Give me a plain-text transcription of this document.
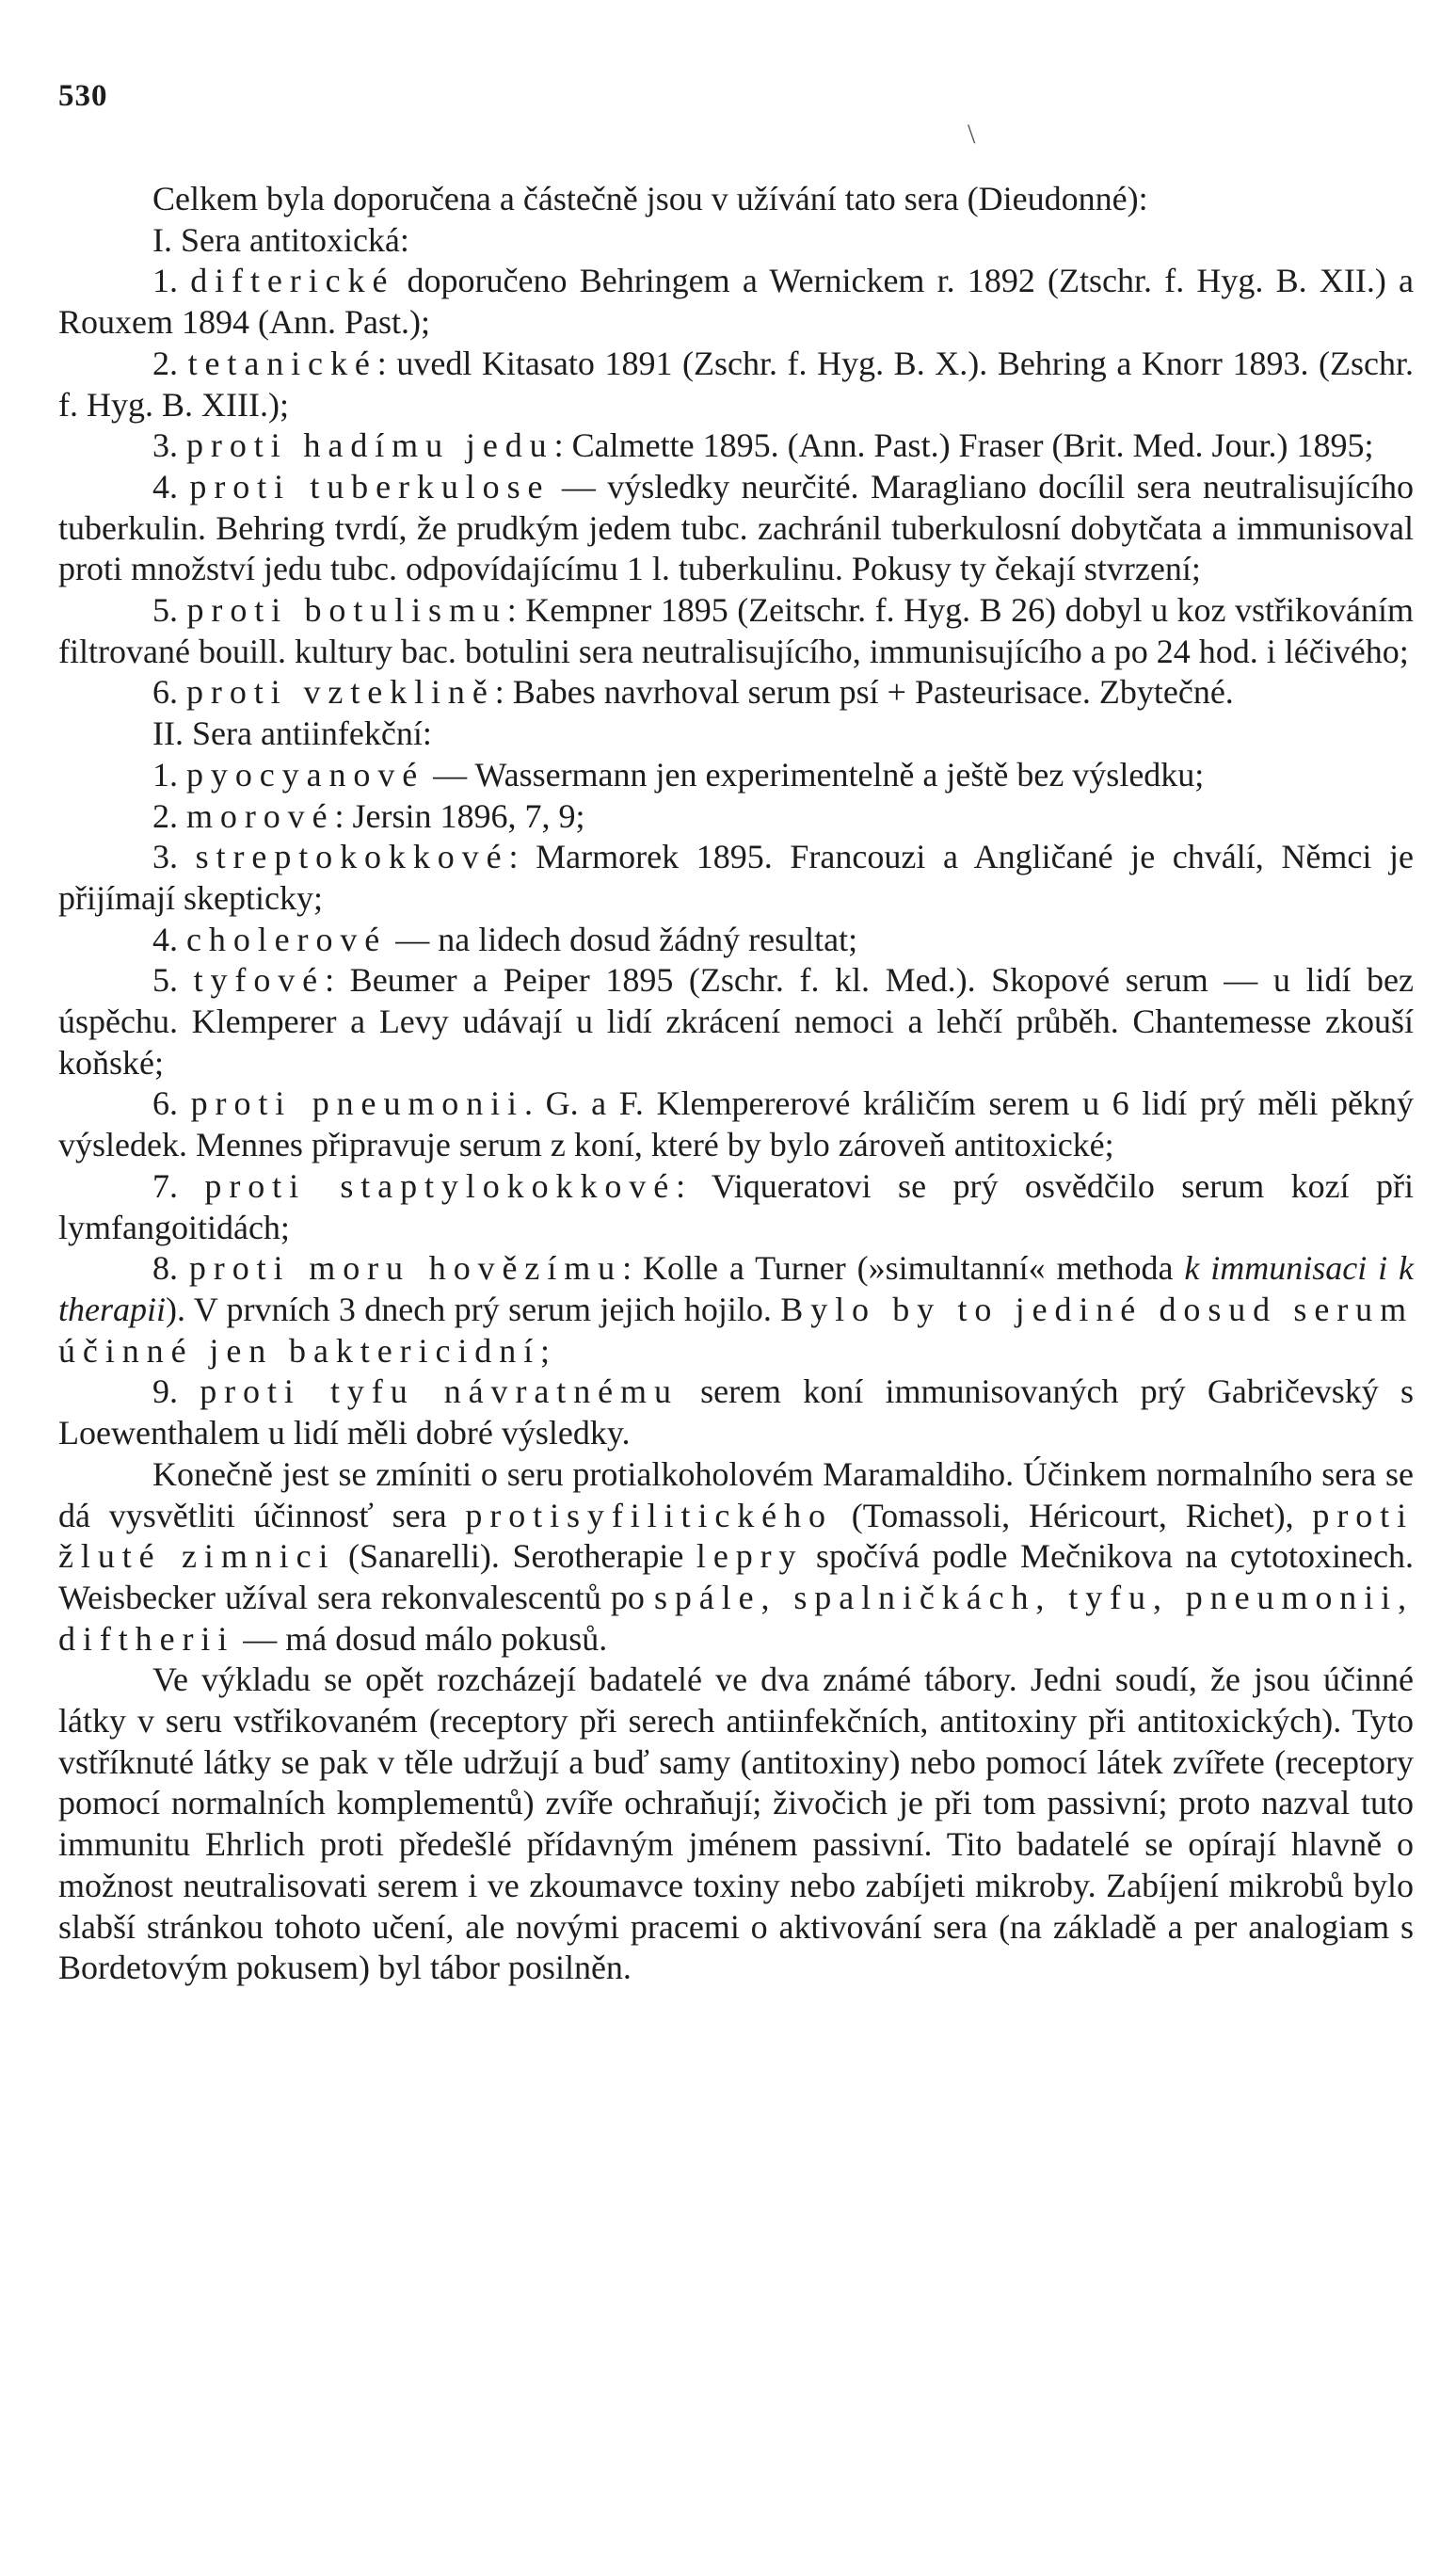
530
\

Celkem byla doporučena a částečně jsou v užívání tato sera (Dieudonné):

I. Sera antitoxická:

1. difterické doporučeno Behringem a Wernickem r. 1892 (Ztschr. f. Hyg. B. XII.) a Rouxem 1894 (Ann. Past.);

2. tetanické: uvedl Kitasato 1891 (Zschr. f. Hyg. B. X.). Behring a Knorr 1893. (Zschr. f. Hyg. B. XIII.);

3. proti hadímu jedu: Calmette 1895. (Ann. Past.) Fraser (Brit. Med. Jour.) 1895;

4. proti tuberkulose — výsledky neurčité. Maragliano docílil sera neutralisujícího tuberkulin. Behring tvrdí, že prudkým jedem tubc. zachránil tuberkulosní dobytčata a immunisoval proti množství jedu tubc. odpovídajícímu 1 l. tuberkulinu. Pokusy ty čekají stvrzení;

5. proti botulismu: Kempner 1895 (Zeitschr. f. Hyg. B 26) dobyl u koz vstřikováním filtrované bouill. kultury bac. botulini sera neutralisujícího, immunisujícího a po 24 hod. i léčivého;

6. proti vzteklině: Babes navrhoval serum psí + Pasteurisace. Zbytečné.

II. Sera antiinfekční:

1. pyocyanové — Wassermann jen experimentelně a ještě bez výsledku;

2. morové: Jersin 1896, 7, 9;

3. streptokokkové: Marmorek 1895. Francouzi a Angličané je chválí, Němci je přijímají skepticky;

4. cholerové — na lidech dosud žádný resultat;

5. tyfové: Beumer a Peiper 1895 (Zschr. f. kl. Med.). Skopové serum — u lidí bez úspěchu. Klemperer a Levy udávají u lidí zkrácení nemoci a lehčí průběh. Chantemesse zkouší koňské;

6. proti pneumonii. G. a F. Klempererové králičím serem u 6 lidí prý měli pěkný výsledek. Mennes připravuje serum z koní, které by bylo zároveň antitoxické;

7. proti staptylokokkové: Viqueratovi se prý osvědčilo serum kozí při lymfangoitidách;

8. proti moru hovězímu: Kolle a Turner (»simultanní« methoda k immunisaci i k therapii). V prvních 3 dnech prý serum jejich hojilo. Bylo by to jediné dosud serum účinné jen baktericidní;

9. proti tyfu návratnému serem koní immunisovaných prý Gabričevský s Loewenthalem u lidí měli dobré výsledky.

Konečně jest se zmíniti o seru protialkoholovém Maramaldiho. Účinkem normalního sera se dá vysvětliti účinnosť sera protisyfilitického (Tomassoli, Héricourt, Richet), proti žluté zimnici (Sanarelli). Serotherapie lepry spočívá podle Mečnikova na cytotoxinech. Weisbecker užíval sera rekonvalescentů po spále, spalničkách, tyfu, pneumonii, diftherii — má dosud málo pokusů.

Ve výkladu se opět rozcházejí badatelé ve dva známé tábory. Jedni soudí, že jsou účinné látky v seru vstřikovaném (receptory při serech antiinfekčních, antitoxiny při antitoxických). Tyto vstříknuté látky se pak v těle udržují a buď samy (antitoxiny) nebo pomocí látek zvířete (receptory pomocí normalních komplementů) zvíře ochraňují; živočich je při tom passivní; proto nazval tuto immunitu Ehrlich proti předešlé přídavným jménem passivní. Tito badatelé se opírají hlavně o možnost neutralisovati serem i ve zkoumavce toxiny nebo zabíjeti mikroby. Zabíjení mikrobů bylo slabší stránkou tohoto učení, ale novými pracemi o aktivování sera (na základě a per analogiam s Bordetovým pokusem) byl tábor posilněn.
